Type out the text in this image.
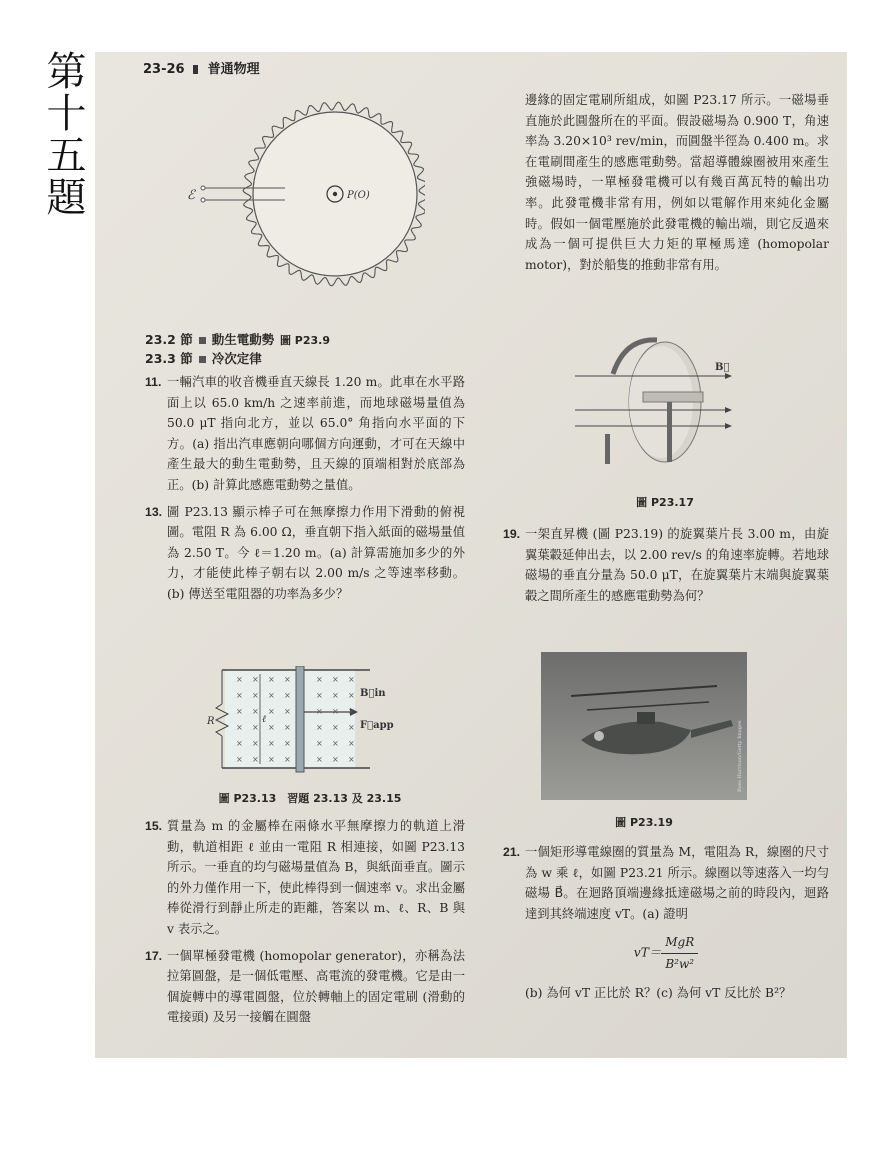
第十五題	23-26 普通物理
ℰ	P(O)
圖 P23.9
23.2 節 動生電動勢
23.3 節 冷次定律
11. 一輛汽車的收音機垂直天線長 1.20 m。此車在水平路面上以 65.0 km/h 之速率前進，而地球磁場量值為 50.0 μT 指向北方，並以 65.0° 角指向水平面的下方。(a) 指出汽車應朝向哪個方向運動，才可在天線中產生最大的動生電動勢，且天線的頂端相對於底部為正。(b) 計算此感應電動勢之量值。
13. 圖 P23.13 顯示棒子可在無摩擦力作用下滑動的俯視圖。電阻 R 為 6.00 Ω，垂直朝下指入紙面的磁場量值為 2.50 T。今 ℓ＝1.20 m。(a) 計算需施加多少的外力，才能使此棒子朝右以 2.00 m/s 之等速率移動。(b) 傳送至電阻器的功率為多少？
× × × ×	× × ×
× × × ×	× × ×
× × × ×	× × ×
× × × ×	× × ×
× × × ×	× × ×
× × × ×	× × ×
R	ℓ
B⃗in
F⃗app
圖 P23.13　習題 23.13 及 23.15
15. 質量為 m 的金屬棒在兩條水平無摩擦力的軌道上滑動，軌道相距 ℓ 並由一電阻 R 相連接，如圖 P23.13 所示。一垂直的均勻磁場量值為 B，與紙面垂直。圖示的外力僅作用一下，使此棒得到一個速率 v。求出金屬棒從滑行到靜止所走的距離，答案以 m、ℓ、R、B 與 v 表示之。
17. 一個單極發電機 (homopolar generator)，亦稱為法拉第圓盤，是一個低電壓、高電流的發電機。它是由一個旋轉中的導電圓盤，位於轉軸上的固定電刷 (滑動的電接頭) 及另一接觸在圓盤
邊緣的固定電刷所組成，如圖 P23.17 所示。一磁場垂直施於此圓盤所在的平面。假設磁場為 0.900 T，角速率為 3.20×10³ rev/min，而圓盤半徑為 0.400 m。求在電刷間產生的感應電動勢。當超導體線圈被用來產生強磁場時，一單極發電機可以有幾百萬瓦特的輸出功率。此發電機非常有用，例如以電解作用來純化金屬時。假如一個電壓施於此發電機的輸出端，則它反過來成為一個可提供巨大力矩的單極馬達 (homopolar motor)，對於船隻的推動非常有用。
B⃗
圖 P23.17
19. 一架直昇機 (圖 P23.19) 的旋翼葉片長 3.00 m，由旋翼葉轂延伸出去，以 2.00 rev/s 的角速率旋轉。若地球磁場的垂直分量為 50.0 μT，在旋翼葉片末端與旋翼葉轂之間所產生的感應電動勢為何？
Ross Harrison/Getty Images
圖 P23.19
21. 一個矩形導電線圈的質量為 M，電阻為 R，線圈的尺寸為 w 乘 ℓ，如圖 P23.21 所示。線圈以等速落入一均勻磁場 B⃗。在迴路頂端邊緣抵達磁場之前的時段內，迴路達到其終端速度 vT。(a) 證明
$vT= \frac{\text{MgR}}{\text{B²w²}}$
(b) 為何 vT 正比於 R？(c) 為何 vT 反比於 B²？
